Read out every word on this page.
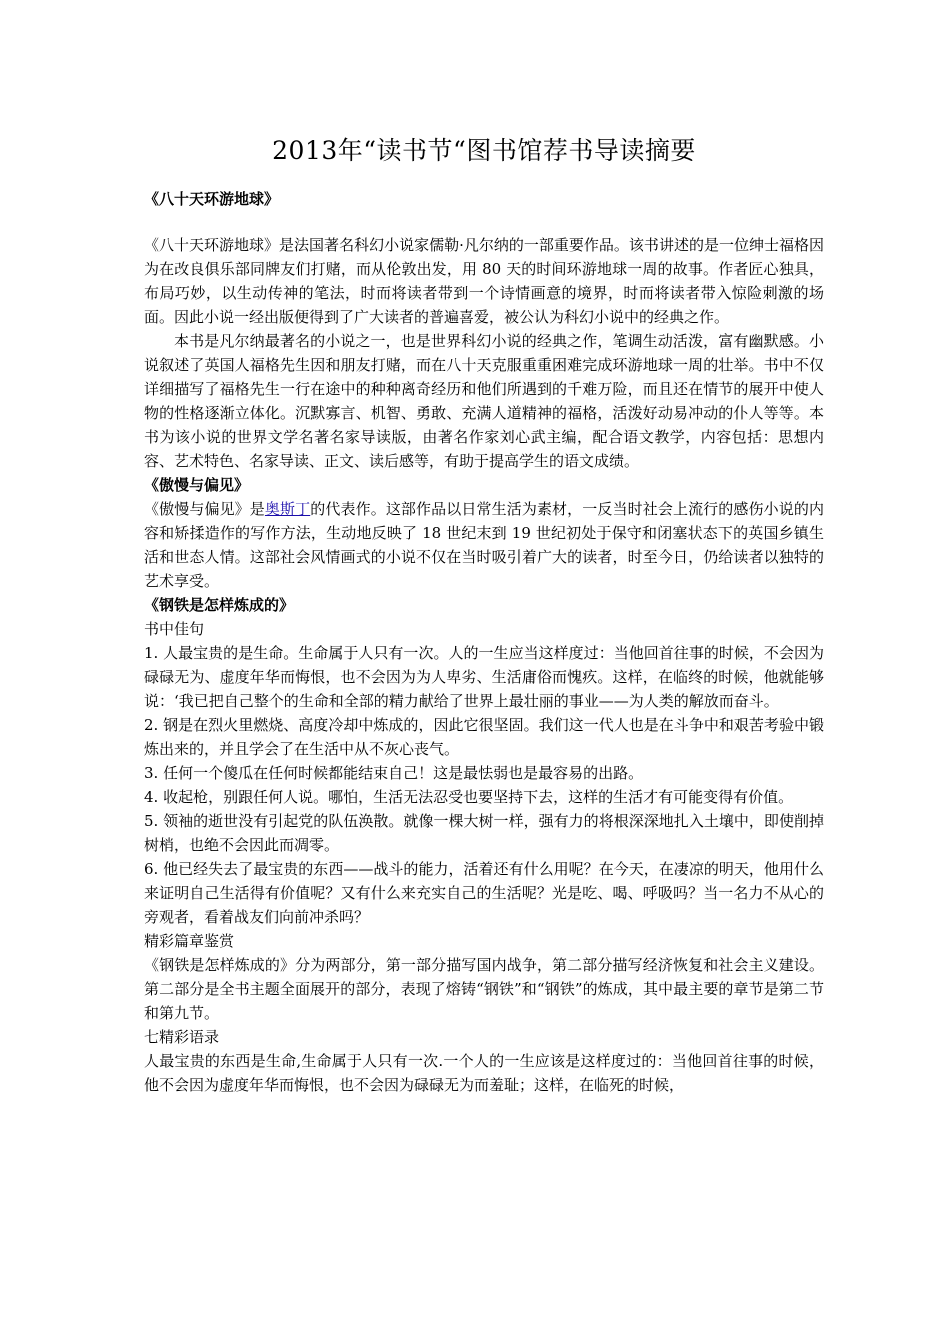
2013年“读书节“图书馆荐书导读摘要

《八十天环游地球》

《八十天环游地球》是法国著名科幻小说家儒勒·凡尔纳的一部重要作品。该书讲述的是一位绅士福格因为在改良俱乐部同牌友们打赌，而从伦敦出发，用 80 天的时间环游地球一周的故事。作者匠心独具，布局巧妙，以生动传神的笔法，时而将读者带到一个诗情画意的境界，时而将读者带入惊险刺激的场面。因此小说一经出版便得到了广大读者的普遍喜爱，被公认为科幻小说中的经典之作。

本书是凡尔纳最著名的小说之一，也是世界科幻小说的经典之作，笔调生动活泼，富有幽默感。小说叙述了英国人福格先生因和朋友打赌，而在八十天克服重重困难完成环游地球一周的壮举。书中不仅详细描写了福格先生一行在途中的种种离奇经历和他们所遇到的千难万险，而且还在情节的展开中使人物的性格逐渐立体化。沉默寡言、机智、勇敢、充满人道精神的福格，活泼好动易冲动的仆人等等。本书为该小说的世界文学名著名家导读版，由著名作家刘心武主编，配合语文教学，内容包括：思想内容、艺术特色、名家导读、正文、读后感等，有助于提高学生的语文成绩。

《傲慢与偏见》

《傲慢与偏见》是奥斯丁的代表作。这部作品以日常生活为素材，一反当时社会上流行的感伤小说的内容和矫揉造作的写作方法，生动地反映了 18 世纪末到 19 世纪初处于保守和闭塞状态下的英国乡镇生活和世态人情。这部社会风情画式的小说不仅在当时吸引着广大的读者，时至今日，仍给读者以独特的艺术享受。

《钢铁是怎样炼成的》

书中佳句

1. 人最宝贵的是生命。生命属于人只有一次。人的一生应当这样度过：当他回首往事的时候，不会因为碌碌无为、虚度年华而悔恨，也不会因为为人卑劣、生活庸俗而愧疚。这样，在临终的时候，他就能够说：‘我已把自己整个的生命和全部的精力献给了世界上最壮丽的事业——为人类的解放而奋斗。

2. 钢是在烈火里燃烧、高度冷却中炼成的，因此它很坚固。我们这一代人也是在斗争中和艰苦考验中锻炼出来的，并且学会了在生活中从不灰心丧气。

3. 任何一个傻瓜在任何时候都能结束自己！这是最怯弱也是最容易的出路。

4. 收起枪，别跟任何人说。哪怕，生活无法忍受也要坚持下去，这样的生活才有可能变得有价值。

5. 领袖的逝世没有引起党的队伍涣散。就像一棵大树一样，强有力的将根深深地扎入土壤中，即使削掉树梢，也绝不会因此而凋零。

6. 他已经失去了最宝贵的东西——战斗的能力，活着还有什么用呢？在今天，在凄凉的明天，他用什么来证明自己生活得有价值呢？又有什么来充实自己的生活呢？光是吃、喝、呼吸吗？当一名力不从心的旁观者，看着战友们向前冲杀吗？

精彩篇章鉴赏

《钢铁是怎样炼成的》分为两部分，第一部分描写国内战争，第二部分描写经济恢复和社会主义建设。第二部分是全书主题全面展开的部分，表现了熔铸“钢铁”和“钢铁”的炼成，其中最主要的章节是第二节和第九节。

七精彩语录

人最宝贵的东西是生命,生命属于人只有一次.一个人的一生应该是这样度过的：当他回首往事的时候，他不会因为虚度年华而悔恨，也不会因为碌碌无为而羞耻；这样，在临死的时候，
